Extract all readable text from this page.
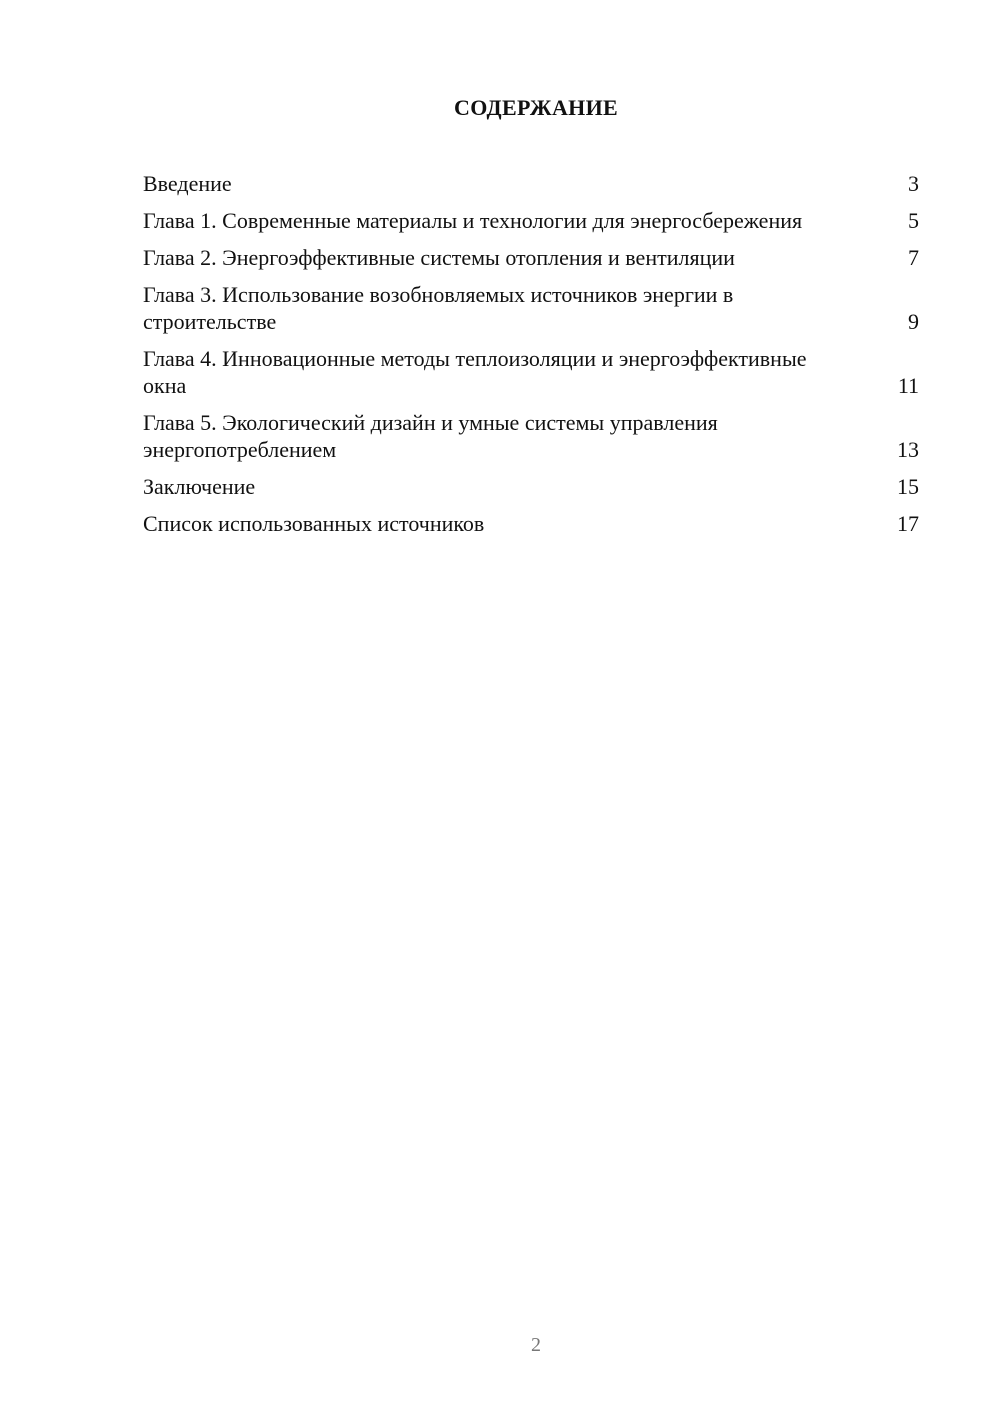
СОДЕРЖАНИЕ
Введение	3
Глава 1. Современные материалы и технологии для энергосбережения	5
Глава 2. Энергоэффективные системы отопления и вентиляции	7
Глава 3. Использование возобновляемых источников энергии в строительстве	9
Глава 4. Инновационные методы теплоизоляции и энергоэффективные окна	11
Глава 5. Экологический дизайн и умные системы управления энергопотреблением	13
Заключение	15
Список использованных источников	17
2
